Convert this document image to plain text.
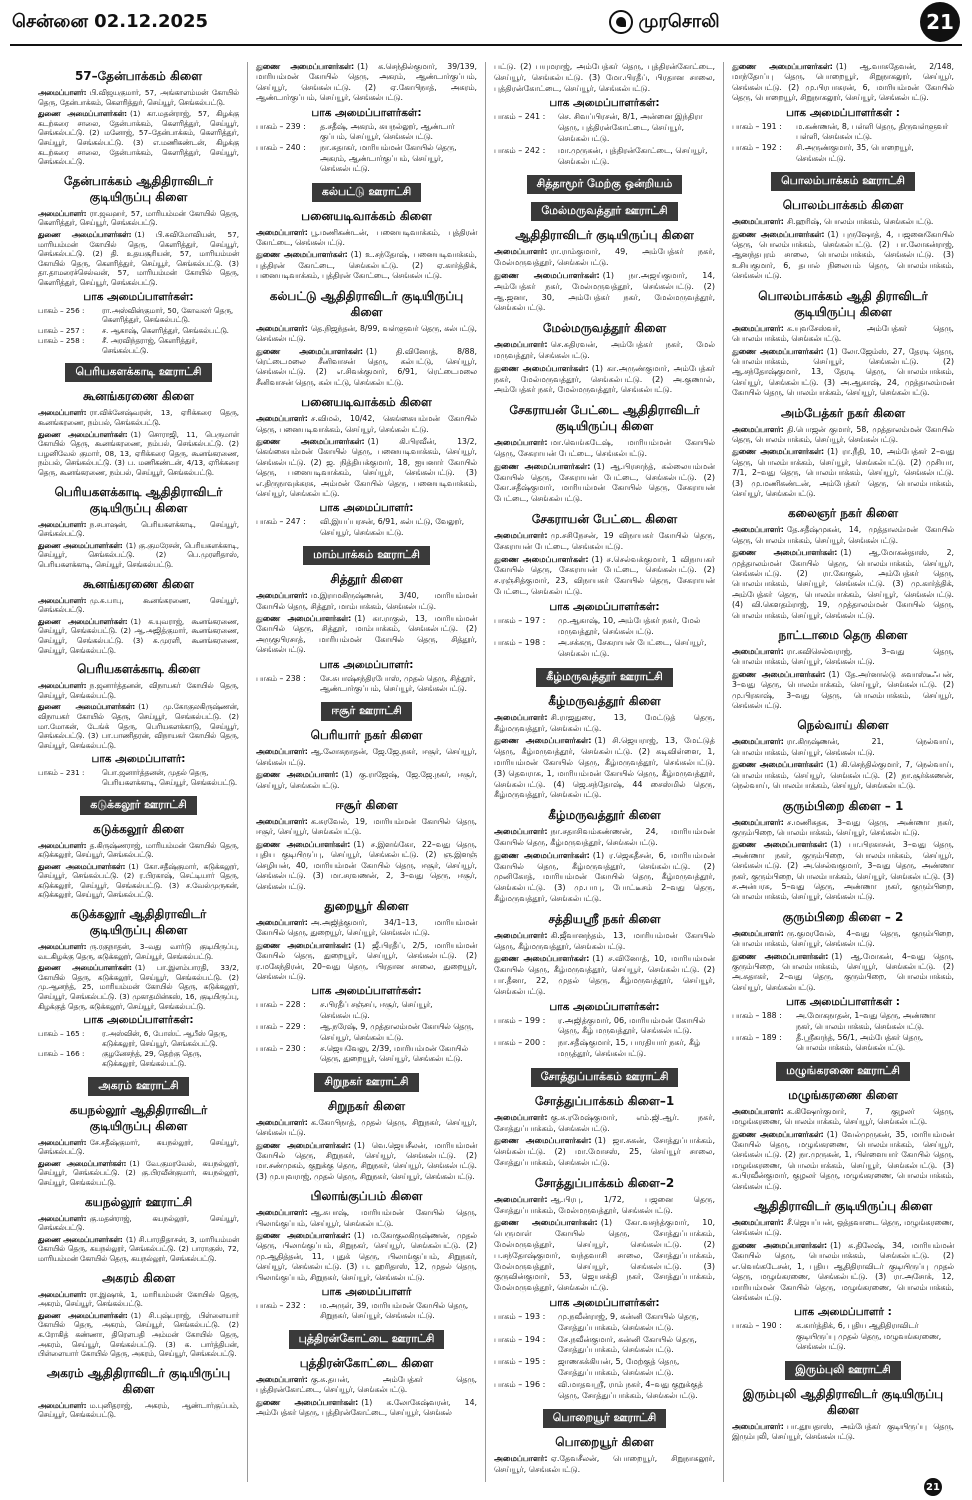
சென்னை 02.12.2025	முரசொலி	21
57–தேன்பாக்கம் கிளை

அமைப்பாளர்: பி.விஜயகுமார், 57, அங்காளம்மன் கோயில் தெரு, தேன்பாக்கம், கௌரித்துர், செய்யூர், செங்கல்பட்டு.

துணை அமைப்பாளர்கள்: (1) கா.மதன்ராஜ், 57, கிழக்கு கடற்கரை சாலை, தேன்பாக்கம், கௌரித்துர், செய்யூர், செங்கல்பட்டு. (2) மனோஜ், 57–தேன்பாக்கம், கௌரித்துர், செய்யூர், செங்கல்பட்டு. (3) எ.மணிகண்டன், கிழக்கு கடற்கரை சாலை, தேன்பாக்கம், கௌரித்துர், செய்யூர், செங்கல்பட்டு.

தேன்பாக்கம் ஆதிதிராவிடர் குடியிருப்பு கிளை

அமைப்பாளர்: ரா.ஜவஹர், 57, மாரியம்மன் கோயில் தெரு, கௌரித்துர், செய்யூர், செங்கல்பட்டு.

துணை அமைப்பாளர்கள்: (1) பி.சுவிமோவியன், 57, மாரியம்மன் கோயில் தெரு, கௌரித்துர், செய்யூர், செங்கல்பட்டு. (2) தி. உதயசூரியன், 57, மாரியம்மன் கோயில் தெரு, கௌரித்துர், செய்யூர், செங்கல்பட்டு. (3) தா.தாமரைச்செல்வன், 57, மாரியம்மன் கோயில் தெரு, கௌரித்துர், செய்யூர், செங்கல்பட்டு.

பாக அமைப்பாளர்கள்:
பாகம் – 256 :	ரா.அஸ்வின்குமார், 50, கோவலர் தெரு, கௌரித்துர், செங்கல்பட்டு.
பாகம் – 257 :	ச. ஆகாஷ், கௌரித்துர், செங்கல்பட்டு.
பாகம் – 258 :	சீ. அரவிந்தராஜ், கௌரித்துர், செங்கல்பட்டு.
பெரியகளக்காடி ஊராட்சி
கூனங்கரணை கிளை

அமைப்பாளர்: ரா.விக்னேஷ்வரன், 13, ஏரிக்கரை தெரு, கூனங்கரணை, நம்பல், செங்கல்பட்டு.

துணை அமைப்பாளர்கள்: (1) சொராஜி, 11, பெருமாள் கோயில் தெரு, கூனங்கரணை, நம்பல், செங்கல்பட்டு. (2) பழனிவேல் குமார், 08, 13, ஏரிக்கரை தெரு, கூனங்கரணை, நம்பல், செங்கல்பட்டு. (3) ப. மணிகண்டன், 4/13, ஏரிக்கரை தெரு, கூனங்கரணை, நம்பல், செய்யூர், செங்கல்பட்டு.

பெரியகளக்காடி ஆதிதிராவிடர் குடியிருப்பு கிளை

அமைப்பாளர்: ந.சபாஷன், பெரியகளக்காடி, செய்யூர், செங்கல்பட்டு.

துணை அமைப்பாளர்கள்: (1) கு.குமரேசன், பெரியகளக்காடி, செய்யூர், செங்கல்பட்டு. (2) பெ.முரளிதாஸ், பெரியகளக்காடி, செய்யூர், செங்கல்பட்டு.

கூனங்கரணை கிளை

அமைப்பாளர்: மு.சு.பாபு, கூனங்கரணை, செய்யூர், செங்கல்பட்டு.

துணை அமைப்பாளர்கள்: (1) க.யுவராஜ், கூனங்கரணை, செய்யூர், செங்கல்பட்டு. (2) ஆ.அஜித்குமார், கூனங்கரணை, செய்யூர், செங்கல்பட்டு. (3) சு.முரளி, கூனங்கரணை, செய்யூர், செங்கல்பட்டு.

பெரியகளக்காடி கிளை

அமைப்பாளர்: ந.ஜனார்த்தனன், விநாயகர் கோயில் தெரு, செய்யூர், செங்கல்பட்டு.

துணை அமைப்பாளர்கள்: (1) மு.கோகுலகிருஷ்ணன், விநாயகர் கோயில் தெரு, செய்யூர், செங்கல்பட்டு. (2) மா.மோகன், டேங்க் தெரு, பெரியகளக்காடு, செய்யூர், செங்கல்பட்டு. (3) பா.பாணிதரன், விநாயகர் கோயில் தெரு, செய்யூர், செங்கல்பட்டு.

பாக அமைப்பாளர்:
பாகம் – 231 :	பொ.ஜனார்த்தனன், முதல் தெரு, பெரியகளக்காடி, செய்யூர், செங்கல்பட்டு.
கடுக்கலூர் ஊராட்சி
கடுக்கலூர் கிளை

அமைப்பாளர்: த.கிருஷ்ணராஜ், மாரியம்மன் கோயில் தெரு, கடுக்கலூர், செய்யூர், செங்கல்பட்டு.

துணை அமைப்பாளர்கள்: (1) கோ.சதீஷ்குமார், கடுக்கலூர், செய்யூர், செங்கல்பட்டு. (2) ர.பிரகாஷ், செட்டியார் தெரு, கடுக்கலூர், செய்யூர், செங்கல்பட்டு. (3) ச.வேல்முருகன், கடுக்கலூர், செய்யூர், செங்கல்பட்டு.

கடுக்கலூர் ஆதிதிராவிடர் குடியிருப்பு கிளை

அமைப்பாளர்: ரு.ரகுநாதன், 3–வது வார்டு குடியிருப்பு, வடகிழக்கு தெரு, கடுக்கலூர், செய்யூர், செங்கல்பட்டு.

துணை அமைப்பாளர்கள்: (1) பா.இளம்பாரதி, 33/2, கோயில் தெரு, கடுக்கலூர், செய்யூர், செங்கல்பட்டு. (2) மு.ஆனந்த், 25, மாரியம்மன் கோயில் தெரு, கடுக்கலூர், செய்யூர், செங்கல்பட்டு. (3) முகாதமின்கஸ், 16, குடியிருப்பு, கிழக்குத் தெரு, கடுக்கலூர், செய்யூர், செங்கல்பட்டு.

பாக அமைப்பாளர்கள்:
பாகம் – 165 :	ர.அஸ்வின், 6, போஸ்ட் ஆபீஸ் தெரு, கடுக்கலூர், செய்யூர், செங்கல்பட்டு.
பாகம் – 166 :	குழனேசந்த், 29, தெற்கு தெரு, கடுக்கலூர், செங்கல்பட்டு.
அகரம் ஊராட்சி
கயநல்லூர் ஆதிதிராவிடர் குடியிருப்பு கிளை

அமைப்பாளர்: சே.சதீஷ்குமார், கயநல்லூர், செய்யூர், செங்கல்பட்டு.

துணை அமைப்பாளர்கள்: (1) வே.குமரவேல், கயநல்லூர், செய்யூர், செங்கல்பட்டு. (2) கு.பிரவீன்குமார், கயநல்லூர், செய்யூர், செங்கல்பட்டு.

கயநல்லூர் ஊராட்சி

அமைப்பாளர்: கு.மதன்ராஜ், கயநல்லூர், செய்யூர், செங்கல்பட்டு.

துணை அமைப்பாளர்கள்: (1) சி.பாரதிதாசன், 3, மாரியம்மன் கோயில் தெரு, கயநல்லூர், செங்கல்பட்டு. (2) பாராகுஸ், 72, மாரியம்மன் கோயில் தெரு, கயநல்லூர், செங்கல்பட்டு.

அகரம் கிளை

அமைப்பாளர்: ரா.இஷாக், 1, மாரியம்மன் கோயில் தெரு, அகரம், செய்யூர், செங்கல்பட்டு.

துணை அமைப்பாளர்கள்: (1) சி.புஷ்பராஜ், பிள்ளையார் கோயில் தெரு, அகரம், செய்யூர், செங்கல்பட்டு. (2) க.ரோகித் கண்ணா, திரௌபதி அம்மன் கோயில் தெரு, அகரம், செய்யூர், செங்கல்பட்டு. (3) க. பார்த்திபன், பிள்ளையார் கோயில் தெரு, அகரம், செய்யூர், செங்கல்பட்டு.

அகரம் ஆதிதிராவிடர் குடியிருப்பு கிளை

அமைப்பாளர்: ம.புனிதராஜ், அகரம், ஆண்டார்குப்பம், செய்யூர், செங்கல்பட்டு.

துணை அமைப்பாளர்கள்: (1) க.செந்தில்குமார், 39/139, மாரியம்மன் கோயில் தெரு, அகரம், ஆண்டார்குப்பம், செய்யூர், செங்கல்பட்டு. (2) ஏ.கோபிநாத், அகரம், ஆண்டார்குப்பம், செய்யூர், செங்கல்பட்டு.

பாக அமைப்பாளர்கள்:
பாகம் – 239 :	த.சதீஷ், அகரம், கயநல்லூர், ஆண்டார் குப்பம், செய்யூர், செங்கல்பட்டு.
பாகம் – 240 :	நா.சுதாகர், மாரியம்மன் கோயில் தெரு, அகரம், ஆண்டார்குப்பம், செய்யூர், செங்கல்பட்டு.
கல்பட்டு ஊராட்சி
பனையடிவாக்கம் கிளை

அமைப்பாளர்: பூ.மணிகண்டன், பனையடிவாக்கம், புத்திரன் கோட்டை, செங்கல்பட்டு.

துணை அமைப்பாளர்கள்: (1) உ.சந்தோஷ், பனையடிவாக்கம், புத்திரன் கோட்டை, செங்கல்பட்டு. (2) ஏ.கார்த்திக், பனையடிவாக்கம், புத்திரன் கோட்டை, செங்கல்பட்டு.

கல்பட்டு ஆதிதிராவிடர் குடியிருப்பு கிளை

அமைப்பாளர்: தெ.நிஜந்தன், 8/99, வள்ளுவர் தெரு, கல்பட்டு, செங்கல்பட்டு.

துணை அமைப்பாளர்கள்: (1) தி.வினோத், 8/88, ரெட்டைமலை சீனிவாசன் தெரு, கல்பட்டு, செய்யூர், செங்கல்பட்டு. (2) எ.சிவக்குமார், 6/91, ரெட்டைமலை சீனிவாசன் தெரு, கல்பட்டு, செங்கல்பட்டு.

பனையடிவாக்கம் கிளை

அமைப்பாளர்: ச.விமல், 10/42, கெங்கையம்மன் கோயில் தெரு, பனையடிவாக்கம், செய்யூர், செங்கல்பட்டு.

துணை அமைப்பாளர்கள்: (1) கி.பிரவீன், 13/2, கெங்கையம்மன் கோயில் தெரு, பனையடிவாக்கம், செய்யூர், செங்கல்பட்டு. (2) ஜ. நித்தியக்குமார், 18, ஐயனார் கோயில் தெரு, பனையடிவாக்கம், செய்யூர், செங்கல்பட்டு. (3) எ.திருநாவுக்கரசு, அம்மன் கோயில் தெரு, பனையடிவாக்கம், செய்யூர், செங்கல்பட்டு.

பாக அமைப்பாளர்:
பாகம் – 247 :	வி.இயப்பரசன், 6/91, கல்பட்டு, வேலூர், செய்யூர், செங்கல்பட்டு.
மாம்பாக்கம் ஊராட்சி
சித்தூர் கிளை

அமைப்பாளர்: ம.இராமகிருஷ்ணன், 3/40, மாரியம்மன் கோயில் தெரு, சித்தூர், மாம்பாக்கம், செங்கல்பட்டு.

துணை அமைப்பாளர்கள்: (1) கா.ராகுல், 13, மாரியம்மன் கோயில் தெரு, சித்தூர், மாம்பாக்கம், செங்கல்பட்டு. (2) அருகுபிரசாத், மாரியம்மன் கோயில் தெரு, சித்தூர், செங்கல்பட்டு.

பாக அமைப்பாளர்:
பாகம் – 238 :	சே.சுபாஷ்சந்திரபோஸ், முதல் தெரு, சித்தூர், ஆண்டார்குப்பம், செய்யூர், செங்கல்பட்டு.
ஈசூர் ஊராட்சி
பெரியார் நகர் கிளை

அமைப்பாளர்: ஆ.லோகநாதன், ஜே.ஜே.நகர், ஈசூர், செய்யூர், செங்கல்பட்டு.

துணை அமைப்பாளர்: (1) கு.ராஜேஷ், ஜே.ஜே.நகர், ஈசூர், செய்யூர், செங்கல்பட்டு.

ஈசூர் கிளை

அமைப்பாளர்: க.சுரவேல், 19, மாரியம்மன் கோயில் தெரு, ஈசூர், செய்யூர், செங்கல்பட்டு.

துணை அமைப்பாளர்கள்: (1) ச.இளங்கோ, 22–வது தெரு, புதிய குடியிருப்பு, செய்யூர், செங்கல்பட்டு. (2) ஞ.இளஞ் செழியன், 40, மாரியம்மன் கோயில் தெரு, ஈசூர், செய்யூர், செங்கல்பட்டு. (3) மா.சரவணன், 2, 3–வது தெரு, ஈசூர், செங்கல்பட்டு.

துறையூர் கிளை

அமைப்பாளர்: அ.அஜித்குமார், 34/1–13, மாரியம்மன் கோயில் தெரு, துறையூர், செய்யூர், செங்கல்பட்டு.

துணை அமைப்பாளர்கள்: (1) ஜீ.பிரதீப், 2/5, மாரியம்மன் கோயில் தெரு, துறையூர், செய்யூர், செங்கல்பட்டு. (2) ர.மகேந்திரன், 20–வது தெரு, பிரதான சாலை, துறையூர், செங்கல்பட்டு.

பாக அமைப்பாளர்கள்:
பாகம் – 228 :	ச.பிரதீப் சஞ்சய், ஈசூர், செய்யூர், செங்கல்பட்டு.
பாகம் – 229 :	ஆ.நரேஷ், 9, முத்தாலம்மன் கோயில் தெரு, செய்யூர், செங்கல்பட்டு.
பாகம் – 230 :	ச.ஜெயவேலு, 2/39, மாரியம்மன் கோயில் தெரு, துறையூர், செய்யூர், செங்கல்பட்டு.
சிறுநகர் ஊராட்சி
சிறுநகர் கிளை

அமைப்பாளர்: க.கோபிநாத், முதல் தெரு, சிறுநகர், செய்யூர், செங்கல்பட்டு.

துணை அமைப்பாளர்கள்: (1) வெ.ஜெயசீலன், மாரியம்மன் கோயில் தெரு, சிறுநகர், செய்யூர், செங்கல்பட்டு. (2) மா.சண்முகம், குறுக்கு தெரு, சிறுநகர், செய்யூர், செங்கல்பட்டு. (3) மு.யுவராஜ், முதல் தெரு, சிறுநகர், செய்யூர், செங்கல்பட்டு.

பிலாங்குப்பம் கிளை

அமைப்பாளர்: ஆ.சுபாஷ், மாரியம்மன் கோயில் தெரு, பிலாங்குப்பம், செய்யூர், செங்கல்பட்டு.

துணை அமைப்பாளர்கள்: (1) ம.கோகுலகிருஷ்ணன், முதல் தெரு, பிலாங்குப்பம், சிறுநகர், செய்யூர், செங்கல்பட்டு. (2) மு.ஆதித்தன், 11, புதுக் தெரு, பிலாங்குப்பம், சிறுநகர், செய்யூர், செங்கல்பட்டு. (3) ப. ஹரிதாஸ், 12, முதல் தெரு, பிலாங்குப்பம், சிறுநகர், செய்யூர், செங்கல்பட்டு.

பாக அமைப்பாளர்
பாகம் – 232 :	ம.அருள், 39, மாரியம்மன் கோயில் தெரு, சிறுநகர், செய்யூர், செங்கல்பட்டு.
புத்திரன்கோட்டை ஊராட்சி
புத்திரன்கோட்டை கிளை

அமைப்பாளர்: கு.சு.தயன், அம்பேத்கர் தெரு, புத்திரன்கோட்டை, செய்யூர், செங்கல்பட்டு.

துணை அமைப்பாளர்கள்: (1) க.லோகேஷ்வரன், 14, அம்பேத்கர் தெரு, புத்திரன்கோட்டை, செய்யூர், செங்கல்

பட்டு. (2) பயுமராஜ், அம்பேத்கர் தெரு, புத்திரன்கோட்டை, செய்யூர், செங்கல்பட்டு. (3) மோ.பிரதீப், பிரதான சாலை, புத்திரன்கோட்டை, செய்யூர், செங்கல்பட்டு.

பாக அமைப்பாளர்கள்:
பாகம் – 241 :	செ. சிவப்பிரசன், 8/1, அன்னை இந்திரா தெரு, புத்திரன்கோட்டை, செய்யூர், செங்கல்பட்டு.
பாகம் – 242 :	மா.முருகன், புத்திரன்கோட்டை, செய்யூர், செங்கல்பட்டு.
சித்தாமூர் மேற்கு ஒன்றியம்
மேல்மருவத்தூர் ஊராட்சி
ஆதிதிராவிடர் குடியிருப்பு கிளை

அமைப்பாளர்: ரா.ராம்குமார், 49, அம்பேத்கர் நகர், மேல்மருவத்தூர், செங்கல்பட்டு.

துணை அமைப்பாளர்கள்: (1) நா.அஜய்குமார், 14, அம்பேத்கர் நகர், மேல்மருவத்தூர், செங்கல்பட்டு. (2) ஆ.ஜனா, 30, அம்பேத்கர் நகர், மேல்மருவத்தூர், செங்கல்பட்டு.

மேல்மருவத்தூர் கிளை

அமைப்பாளர்: செ.சுதிரவன், அம்பேத்கர் நகர், மேல் மருவத்தூர், செங்கல்பட்டு.

துணை அமைப்பாளர்கள்: (1) கா.அருண்குமார், அம்பேத்கர் நகர், மேல்மருவத்தூர், செங்கல்பட்டு. (2) அ.குணால், அம்பேத்கர் நகர், மேல்மருவத்தூர், செங்கல்பட்டு.

சேகராயன் பேட்டை ஆதிதிராவிடர் குடியிருப்பு கிளை

அமைப்பாளர்: மா.வெங்கடேஷ், மாரியம்மன் கோயில் தெரு, சேகராயன் பேட்டை, செங்கல்பட்டு.

துணை அமைப்பாளர்கள்: (1) ஆ.பிரசாந்த், கல்லையம்மன் கோயில் தெரு, சேகராயன் பேட்டை, செங்கல்பட்டு. (2) கோ.சதீஷ்குமார், மாரியம்மன் கோயில் தெரு, சேகராயன் பேட்டை, செங்கல்பட்டு.

சேகராயன் பேட்டை கிளை

அமைப்பாளர்: மு.சசிநேசன், 19 விநாயகர் கோயில் தெரு, சேகராயன் பேட்டை, செங்கல்பட்டு.

துணை அமைப்பாளர்கள்: (1) ச.செல்வக்குமார், 1 விநாயகர் கோயில் தெரு, சேகராயன் பேட்டை, செங்கல்பட்டு. (2) ச.ரஞ்சித்குமார், 23, விநாயகர் கோயில் தெரு, சேகராயன் பேட்டை, செங்கல்பட்டு.

பாக அமைப்பாளர்கள்:
பாகம் – 197 :	மு.ஆகாஷ், 10, அம்பேத்கர் நகர், மேல் மருவத்தூர், செங்கல்பட்டு.
பாகம் – 198 :	அ.சக்கரு, சேகராயன் பேட்டை, செய்யூர், செங்கல்பட்டு.
கீழ்மருவத்தூர் ஊராட்சி
கீழ்மருவத்தூர் கிளை

அமைப்பாளர்: சி.ராஜதுரை, 13, மேட்டுத் தெரு, கீழ்மருவத்தூர், செங்கல்பட்டு.

துணை அமைப்பாளர்கள்: (1) சி.ஜெயராஜ், 13, மேட்டுத் தெரு, கீழ்மருவத்தூர், செங்கல்பட்டு. (2) கடிவிள்ளை, 1, மாரியம்மன் கோயில் தெரு, கீழ்மருவத்தூர், செங்கல்பட்டு. (3) தெவராசு, 1, மாரியம்மன் கோயில் தெரு, கீழ்மருவத்தூர், செங்கல்பட்டு. (4) ஜெ.சந்தோஷ், 44 சைஸ்மில் தெரு, கீழ்மருவத்தூர், செங்கல்பட்டு.

கீழ்மருவத்தூர் கிளை

அமைப்பாளர்: நா.சதாசிவம்கண்ணன், 24, மாரியம்மன் கோயில் தெரு, கீழ்மருவத்தூர், செங்கல்பட்டு.

துணை அமைப்பாளர்கள்: (1) ர.ஜெகதீசன், 6, மாரியம்மன் கோயில் தெரு, கீழ்மருவத்தூர், செங்கல்பட்டு. (2) முனிகோத், மாரியம்மன் கோயில் தெரு, கீழ்மருவத்தூர், செங்கல்பட்டு. (3) மு.பாபு, போட்டீசம் 2–வது தெரு, கீழ்மருவத்தூர், செங்கல்பட்டு.

சத்தியஸ்ரீ நகர் கிளை

அமைப்பாளர்: கி.ஜீவானந்தம், 13, மாரியம்மன் கோயில் தெரு, கீழ்மருவத்தூர், செங்கல்பட்டு.

துணை அமைப்பாளர்கள்: (1) ச.வினோத், 10, மாரியம்மன் கோயில் தெரு, கீழ்மருவத்தூர், செய்யூர், செங்கல்பட்டு. (2) பா.தீனா, 22, முதல் தெரு, கீழ்மருவத்தூர், செய்யூர், செங்கல்பட்டு.

பாக அமைப்பாளர்கள்:
பாகம் – 199 :	ர.அஜித்குமார், 06, மாரியம்மன் கோயில் தெரு, கீழ் மருவத்தூர், செங்கல்பட்டு.
பாகம் – 200 :	நா.சதீஷ்குமார், 15, பாரதியார் நகர், கீழ் மருத்தூர், செங்கல்பட்டு.
சோத்துப்பாக்கம் ஊராட்சி
சோத்துப்பாக்கம் கிளை–1

அமைப்பாளர்: கு.சு.ரமேஷ்குமார், எம்.ஜி.ஆர். நகர், சோத்துப்பாக்கம், செங்கல்பட்டு.

துணை அமைப்பாளர்கள்: (1) ஜா.சுகன், சோத்துப்பாக்கம், செங்கல்பட்டு. (2) மா.மோசஸ், 25, செய்யூர் சாலை, சோத்துப்பாக்கம், செங்கல்பட்டு.

சோத்துப்பாக்கம் கிளை–2

அமைப்பாளர்: ஆ.பிரபு, 1/72, பஜனை தெரு, சோத்துப்பாக்கம், மேல்மருவத்தூர், செங்கல்பட்டு.

துணை அமைப்பாளர்கள்: (1) கோ.வசந்த்குமார், 10, பெருமாள் கோயில் தெரு, சோத்துப்பாக்கம், மேல்மருவத்தூர், செய்யூர், செங்கல்பட்டு. (2) ப.சந்தோஷ்குமார், வந்தவாசி சாலை, சோத்துப்பாக்கம், மேல்மருவத்தூர், செய்யூர், செங்கல்பட்டு. (3) குருவின்குமார், 53, ஜெயசக்தி நகர், சோத்துப்பாக்கம், மேல்மருவத்தூர், செங்கல்பட்டு.

பாக அமைப்பாளர்கள்:
பாகம் – 193 :	மு.நவீன்ராஜ், 9, கன்னி கோயில் தெரு, சோத்துப்பாக்கம், செங்கல்பட்டு.
பாகம் – 194 :	சே.நவீன்குமார், கன்னி கோயில் தெரு, சோத்துப்பாக்கம், செங்கல்பட்டு.
பாகம் – 195 :	ஜாணகக்கியன், 5, மேற்குத் தெரு, சோத்துப்பாக்கம், செங்கல்பட்டு.
பாகம் – 196 :	வி.மாதவஸ்ரீ, ராம் நகர், 4–வது குறுக்குத் தெரு, சோத்துப்பாக்கம், செங்கல்பட்டு.
பொறையூர் ஊராட்சி
பொறையூர் கிளை

அமைப்பாளர்: ஏ.தேவசீலன், பொறையூர், சிறுநாகலூர், செய்யூர், செங்கல்பட்டு.

துணை அமைப்பாளர்கள்: (1) ஆ.வாசுதேவன், 2/148, மாந்தோப்பு தெரு, பொறையூர், சிறுநாகலூர், செய்யூர், செங்கல்பட்டு. (2) மு.பிரபாகரன், 6, மாரியம்மன் கோயில் தெரு, பொறையூர், சிறுநாகலூர், செய்யூர், செங்கல்பட்டு.

பாக அமைப்பாளர்கள் :
பாகம் – 191 :	ம.கண்ணன், 8, பள்ளி தெரு, திருவள்ளுவர் பள்ளி, செங்கல்பட்டு.
பாகம் – 192 :	சி.அருண்குமார், 35, பொறையூர், செங்கல்பட்டு.
பொலம்பாக்கம் ஊராட்சி
பொலம்பாக்கம் கிளை

அமைப்பாளர்: சி.ஹரிஷ், பொலம்பாக்கம், செங்கல்பட்டு.

துணை அமைப்பாளர்கள்: (1) புருஷோத், 4, பஜனைகோயில் தெரு, பொலம்பாக்கம், செங்கல்பட்டு. (2) பா.லோகன்ராஜ், ஆனந்தபுரம் சாலை, பொலம்பாக்கம், செங்கல்பட்டு. (3) உசியகுமார், 6, தபால் நிலையம் தெரு, பொலம்பாக்கம், செங்கல்பட்டு.

பொலம்பாக்கம் ஆதி திராவிடர் குடியிருப்பு கிளை

அமைப்பாளர்: க.யுவசேஸ்வர், அம்பேத்கர் தெரு, பொலம்பாக்கம், செங்கல்பட்டு.

துணை அமைப்பாளர்கள்: (1) லோ.ஜேம்ஸ், 27, தேரடி தெரு, பொலம்பாக்கம், செய்யூர், செங்கல்பட்டு. (2) ஆ.சந்தோஷ்குமார், 13, தேரடி தெரு, பொலம்பாக்கம், செய்யூர், செங்கல்பட்டு. (3) அ.ஆகாஷ், 24, முத்தாலம்மன் கோயில் தெரு, பொலம்பாக்கம், செய்யூர், செங்கல்பட்டு.

அம்பேத்கர் நகர் கிளை

அமைப்பாளர்: தி.பொஜன் குமார், 58, முத்தாலம்மன் கோயில் தெரு, பொலம்பாக்கம், செய்யூர், செங்கல்பட்டு.

துணை அமைப்பாளர்கள்: (1) ரா.நீதி, 10, அம்பேத்கர் 2–வது தெரு, பொலம்பாக்கம், செய்யூர், செங்கல்பட்டு. (2) முசியா, 7/1, 2–வது தெரு, பொலம்பாக்கம், செய்யூர், செங்கல்பட்டு. (3) மு.மணிகண்டன், அம்பேத்கர் தெரு, பொலம்பாக்கம், செய்யூர், செங்கல்பட்டு.

கலைஞர் நகர் கிளை

அமைப்பாளர்: தே.சதீஷ்முகன், 14, முத்தாலம்மன் கோயில் தெரு, பொலம்பாக்கம், செய்யூர், செங்கல்பட்டு.

துணை அமைப்பாளர்கள்: (1) ஆ.மோகன்தாஸ், 2, முத்தாலம்மன் கோயில் தெரு, பொலம்பாக்கம், செய்யூர், செங்கல்பட்டு. (2) ரா.கோகுல், அம்பேத்கர் தெரு, பொலம்பாக்கம், செய்யூர், செங்கல்பட்டு. (3) மு.கார்த்திக், அம்பேத்கர் தெரு, பொலம்பாக்கம், செய்யூர், செங்கல்பட்டு. (4) வி.கௌதம்ராஜ், 19, முத்தாலம்மன் கோயில் தெரு, பொலம்பாக்கம், செய்யூர், செங்கல்பட்டு.

நாட்டாமை தெரு கிளை

அமைப்பாளர்: ரா.கவிசெல்வராஜ், 3–வது தெரு, பொலம்பாக்கம், செய்யூர், செங்கல்பட்டு.

துணை அமைப்பாளர்கள்: (1) தே.அர்னால்டு சுவாஸ்டீஃபன், 3–வது தெரு, பொலம்பாக்கம், செய்யூர், செங்கல்பட்டு. (2) மு.பிரகாஷ், 3–வது தெரு, பொலம்பாக்கம், செய்யூர், செங்கல்பட்டு.

நெல்வாய் கிளை

அமைப்பாளர்: ரா.கிருஷ்ணன், 21, நெல்வாய், பொலம்பாக்கம், செய்யூர், செங்கல்பட்டு.

துணை அமைப்பாளர்கள்: (1) கி.செந்தில்குமார், 7, நெல்வாய், பொலம்பாக்கம், செய்யூர், செங்கல்பட்டு. (2) நா.சூர்க்கணன், நெல்வாய், பொலம்பாக்கம், செய்யூர், செங்கல்பட்டு.

குரும்பிறை கிளை – 1

அமைப்பாளர்: ச.மணிசுதக, 3–வது தெரு, அண்ணா நகர், குரும்பிறை, பொலம்பாக்கம், செய்யூர், செங்கல்பட்டு.

துணை அமைப்பாளர்கள்: (1) பா.பிரகாசன், 3–வது தெரு, அண்ணா நகர், குரும்பிறை, பொலம்பாக்கம், செய்யூர், செங்கல்பட்டு. (2) அ.செல்வகுமார், 3–வது தெரு, அண்ணா நகர், குரும்பிறை, பொலம்பாக்கம், செய்யூர், செங்கல்பட்டு. (3) ச.அன்பரசு, 5–வது தெரு, அண்ணா நகர், குரும்பிறை, பொலம்பாக்கம், செய்யூர், செங்கல்பட்டு.

குரும்பிறை கிளை – 2

அமைப்பாளர்: ரு.குமரவேல், 4–வது தெரு, குரும்பிறை, பொலம்பாக்கம், செய்யூர், செங்கல்பட்டு.

துணை அமைப்பாளர்கள்: (1) ஆ.மோகன், 4–வது தெரு, குரும்பிறை, பொலம்பாக்கம், செய்யூர், செங்கல்பட்டு. (2) அ.சுதாகர், 2–வது தெரு, குரும்பிறை, பொலம்பாக்கம், செய்யூர், செங்கல்பட்டு.

பாக அமைப்பாளர்கள் :
பாகம் – 188 :	அ.மோகநாதன், 1–வது தெரு, அண்ணா நகர், பொலம்பாக்கம், செங்கல்பட்டு.
பாகம் – 189 :	தீ.ஸ்ரீகாந்த், 56/1, அம்பேத்கர் தெரு, பொலம்பாக்கம், செங்கல்பட்டு.
மழுங்கரணை ஊராட்சி
மழுங்கரணை கிளை

அமைப்பாளர்: க.கிஷோர்குமார், 7, குழலர் தெரு, மழுங்கரணை, பொலம்பாக்கம், செய்யூர், செங்கல்பட்டு.

துணை அமைப்பாளர்கள்: (1) வேல்முருகன், 35, மாரியம்மன் கோயில் தெரு, மழுங்கரணை, பொலம்பாக்கம், செய்யூர், செங்கல்பட்டு. (2) நா.முருகன், 1, பிள்ளையார் கோயில் தெரு, மழுங்கரணை, பொலம்பாக்கம், செய்யூர், செங்கல்பட்டு. (3) க.பிரவீன்குமார், குழலர் தெரு, மழுங்கரணை, பொலம்பாக்கம், செங்கல்பட்டு.

ஆதிதிராவிடர் குடியிருப்பு கிளை

அமைப்பாளர்: சீ.ஜெயப்பன், ஒத்தவாடை தெரு, மழுங்கரணை, செங்கல்பட்டு.

துணை அமைப்பாளர்கள்: (1) க.திலேஷ், 34, மாரியம்மன் கோயில் தெரு, பொலம்பாக்கம், செங்கல்பட்டு. (2) எ.வெங்கடேசன், 1, புதிய ஆதிதிராவிடர் குடியிருப்பு முதல் தெரு, மழுங்கரணை, செங்கல்பட்டு. (3) ரா.அசோக், 12, மாரியம்மன் கோயில் தெரு, மழுங்கரணை, பொலம்பாக்கம், செங்கல்பட்டு.

பாக அமைப்பாளர் :
பாகம் – 190 :	க.கார்த்திக், 6, புதிய ஆதிதிராவிடர் குடியிருப்பு முதல் தெரு, மழுவங்கரணை, செங்கல்பட்டு.
இரும்புலி ஊராட்சி
இரும்புலி ஆதிதிராவிடர் குடியிருப்பு கிளை

அமைப்பாளர்: பா.தூயதாஸ், அம்பேத்கர் குடியிருப்பு தெரு, இரும்புலி, செய்யூர், செங்கல்பட்டு.

21
